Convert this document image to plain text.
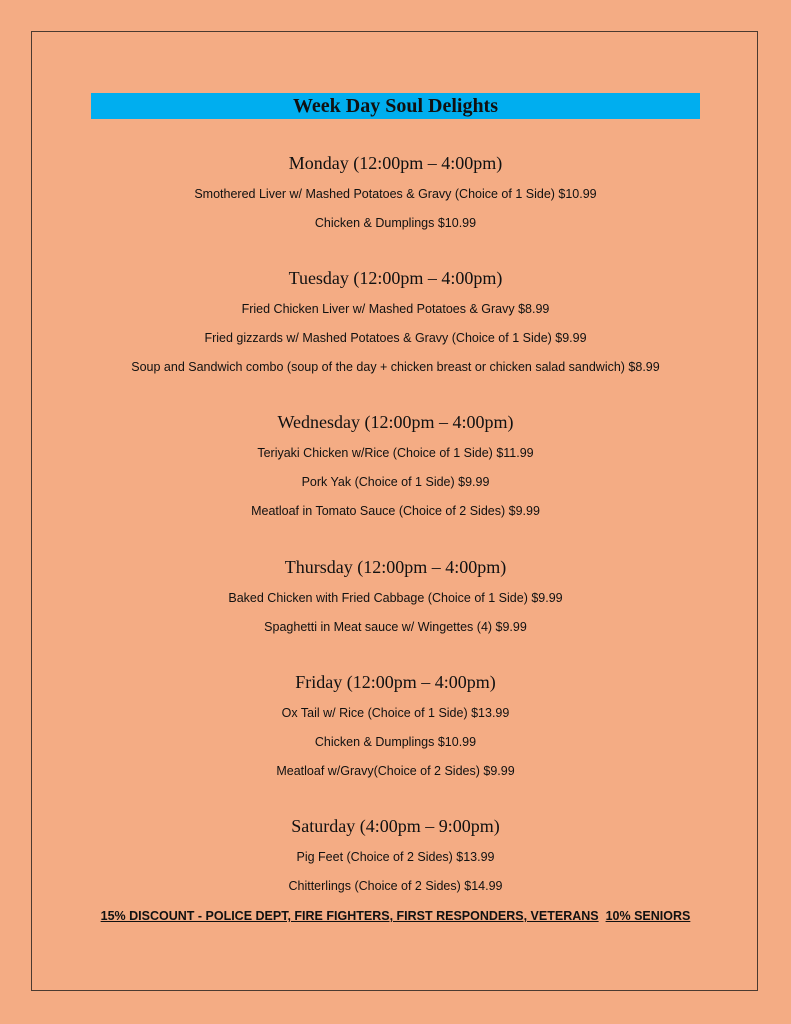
Week Day Soul Delights
Monday (12:00pm – 4:00pm)
Smothered Liver w/ Mashed Potatoes & Gravy (Choice of 1 Side) $10.99
Chicken & Dumplings $10.99
Tuesday (12:00pm – 4:00pm)
Fried Chicken Liver w/ Mashed Potatoes & Gravy $8.99
Fried gizzards w/ Mashed Potatoes & Gravy (Choice of 1 Side) $9.99
Soup and Sandwich combo (soup of the day + chicken breast or chicken salad sandwich) $8.99
Wednesday (12:00pm – 4:00pm)
Teriyaki Chicken w/Rice (Choice of 1 Side) $11.99
Pork Yak (Choice of 1 Side) $9.99
Meatloaf in Tomato Sauce (Choice of 2 Sides) $9.99
Thursday (12:00pm – 4:00pm)
Baked Chicken with Fried Cabbage (Choice of 1 Side) $9.99
Spaghetti in Meat sauce w/ Wingettes (4) $9.99
Friday (12:00pm – 4:00pm)
Ox Tail w/ Rice (Choice of 1 Side) $13.99
Chicken & Dumplings $10.99
Meatloaf w/Gravy(Choice of 2 Sides) $9.99
Saturday (4:00pm – 9:00pm)
Pig Feet (Choice of 2 Sides) $13.99
Chitterlings (Choice of 2 Sides) $14.99
15% DISCOUNT - POLICE DEPT, FIRE FIGHTERS, FIRST RESPONDERS, VETERANS 10% SENIORS
